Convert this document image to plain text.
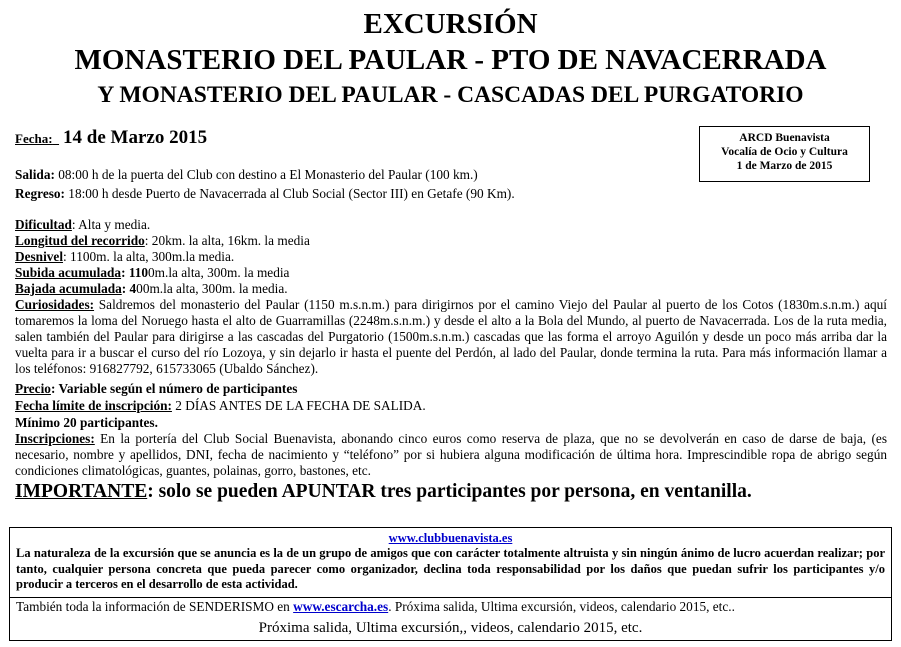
EXCURSIÓN
MONASTERIO DEL PAULAR - PTO DE NAVACERRADA
Y MONASTERIO DEL PAULAR - CASCADAS DEL PURGATORIO
ARCD Buenavista
Vocalía de Ocio y Cultura
1 de Marzo de 2015
Fecha: 14 de Marzo 2015
Salida: 08:00 h de la puerta del Club con destino a El Monasterio del Paular (100 km.)
Regreso: 18:00 h desde Puerto de Navacerrada al Club Social (Sector III) en Getafe (90 Km).
Dificultad: Alta y media.
Longitud del recorrido: 20km. la alta, 16km. la media
Desnivel: 1100m. la alta, 300m.la media.
Subida acumulada: 1100m.la alta, 300m. la media
Bajada acumulada: 400m.la alta, 300m. la media.
Curiosidades: Saldremos del monasterio del Paular (1150 m.s.n.m.) para dirigirnos por el camino Viejo del Paular al puerto de los Cotos (1830m.s.n.m.) aquí tomaremos la loma del Noruego hasta el alto de Guarramillas (2248m.s.n.m.) y desde el alto a la Bola del Mundo, al puerto de Navacerrada. Los de la ruta media, salen también del Paular para dirigirse a las cascadas del Purgatorio (1500m.s.n.m.) cascadas que las forma el arroyo Aguilón y desde un poco más arriba dar la vuelta para ir a buscar el curso del río Lozoya, y sin dejarlo ir hasta el puente del Perdón, al lado del Paular, donde termina la ruta. Para más información llamar a los teléfonos: 916827792, 615733065 (Ubaldo Sánchez).
Precio: Variable según el número de participantes
Fecha límite de inscripción: 2 DÍAS ANTES DE LA FECHA DE SALIDA.
Mínimo 20 participantes.
Inscripciones: En la portería del Club Social Buenavista, abonando cinco euros como reserva de plaza, que no se devolverán en caso de darse de baja, (es necesario, nombre y apellidos, DNI, fecha de nacimiento y “teléfono” por si hubiera alguna modificación de última hora. Imprescindible ropa de abrigo según condiciones climatológicas, guantes, polainas, gorro, bastones, etc.
IMPORTANTE: solo se pueden APUNTAR tres participantes por persona, en ventanilla.
www.clubbuenavista.es
La naturaleza de la excursión que se anuncia es la de un grupo de amigos que con carácter totalmente altruista y sin ningún ánimo de lucro acuerdan realizar; por tanto, cualquier persona concreta que pueda parecer como organizador, declina toda responsabilidad por los daños que puedan sufrir los participantes y/o producir a terceros en el desarrollo de esta actividad.
También toda la información de SENDERISMO en www.escarcha.es. Próxima salida, Ultima excursión, videos, calendario 2015, etc..
Próxima salida, Ultima excursión,, videos, calendario 2015, etc.
